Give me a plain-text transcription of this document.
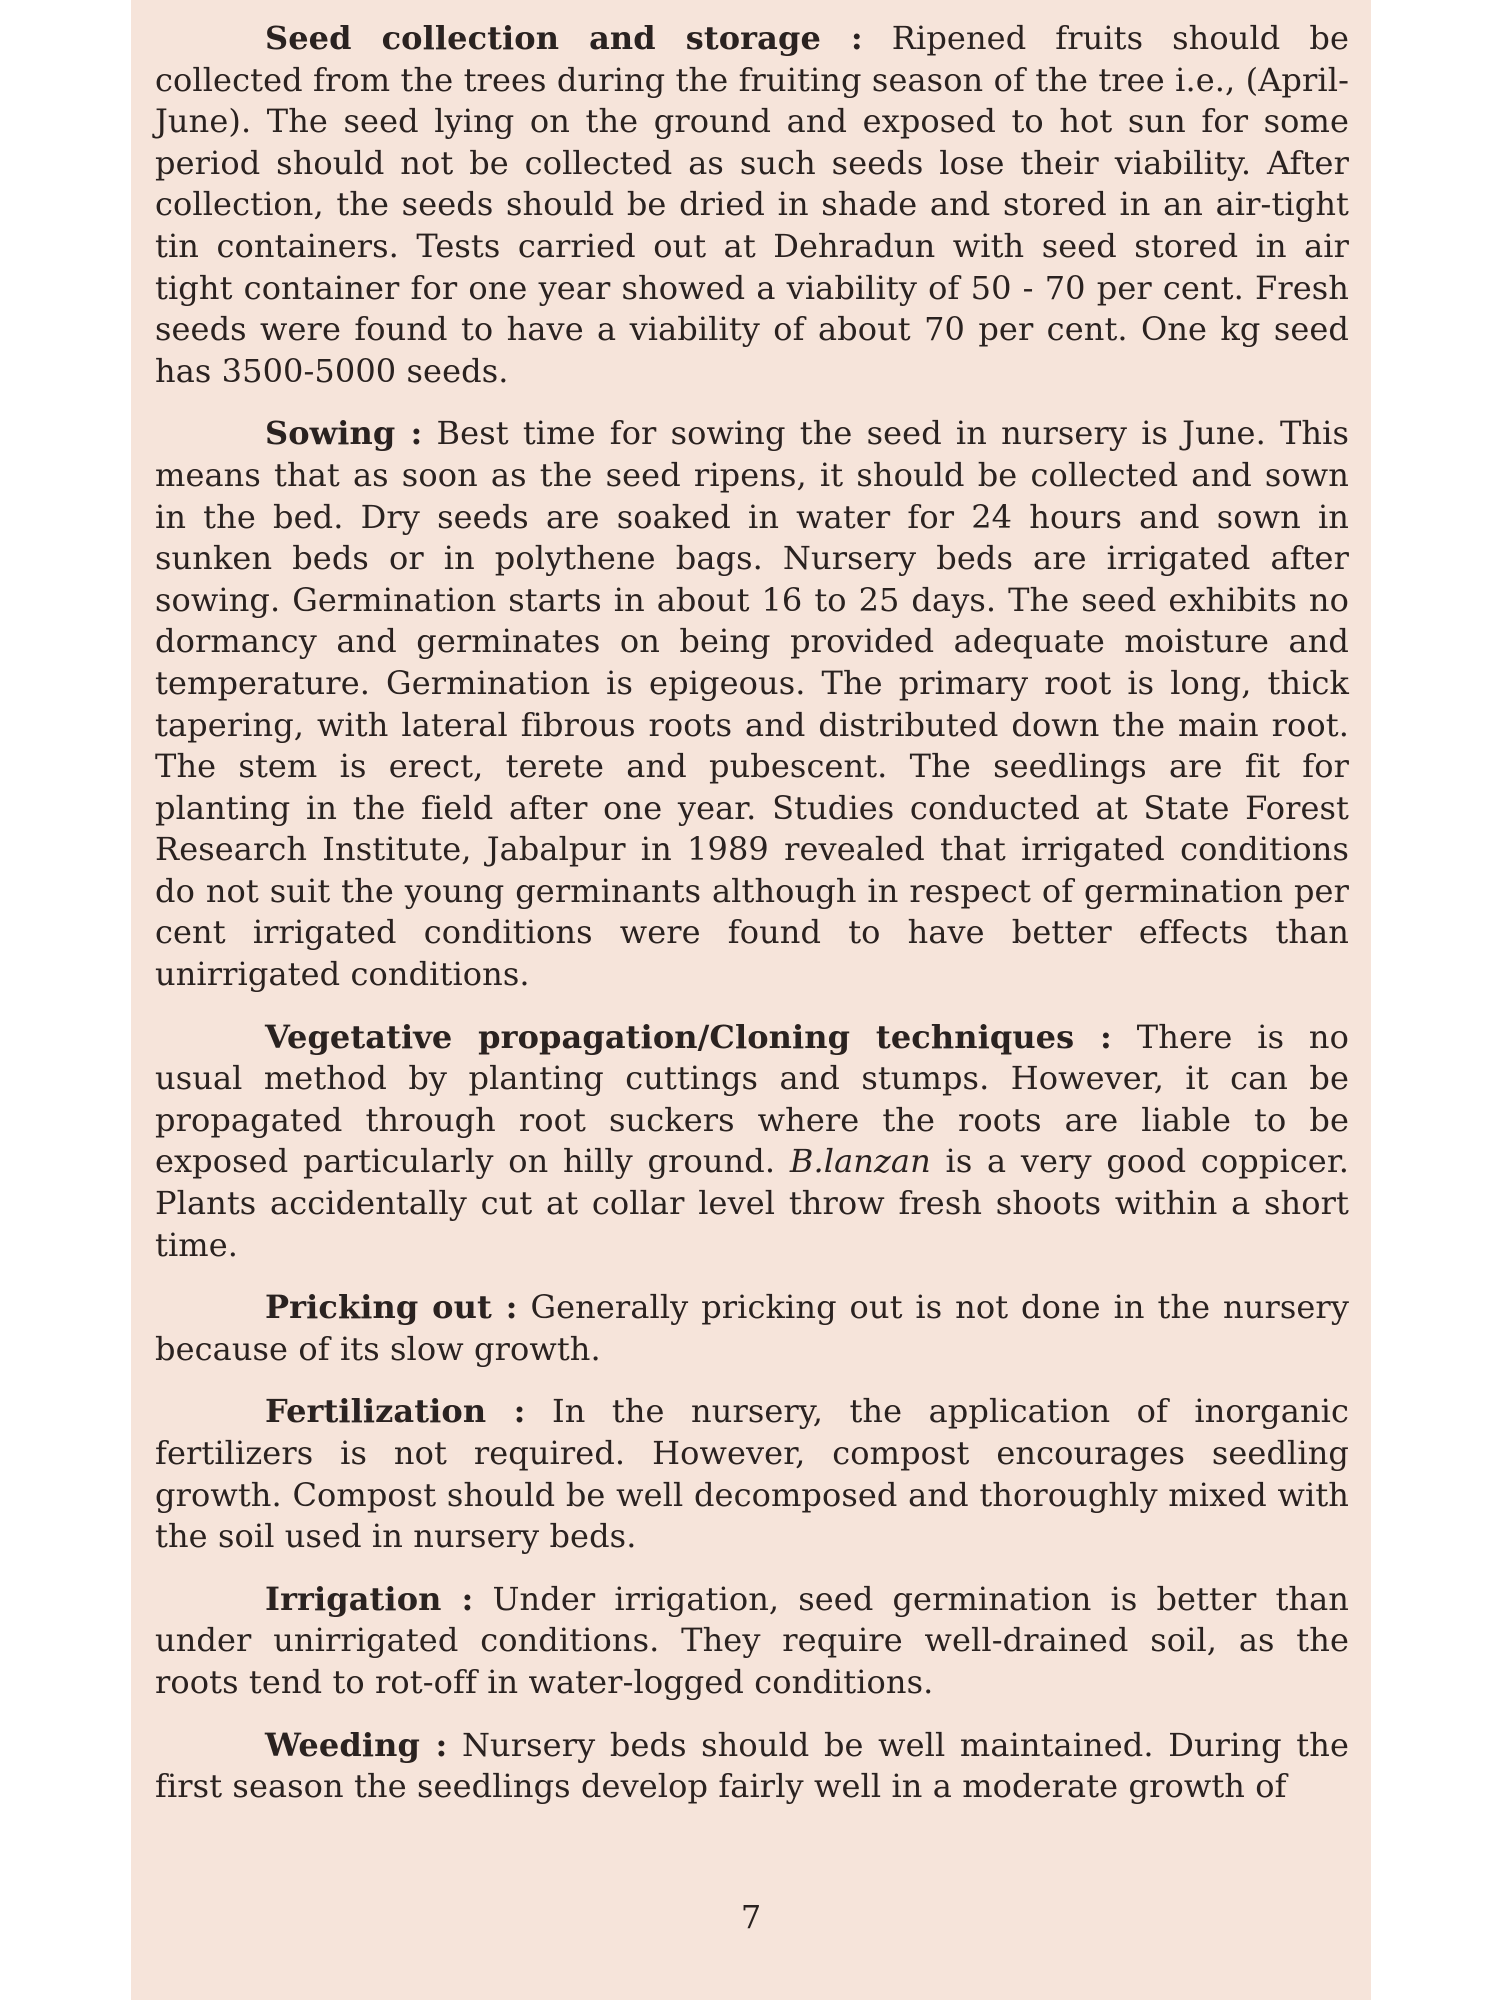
Seed collection and storage : Ripened fruits should be collected from the trees during the fruiting season of the tree i.e., (April-June). The seed lying on the ground and exposed to hot sun for some period should not be collected as such seeds lose their viability. After collection, the seeds should be dried in shade and stored in an air-tight tin containers. Tests carried out at Dehradun with seed stored in air tight container for one year showed a viability of 50 - 70 per cent. Fresh seeds were found to have a viability of about 70 per cent. One kg seed has 3500-5000 seeds.

Sowing : Best time for sowing the seed in nursery is June. This means that as soon as the seed ripens, it should be collected and sown in the bed. Dry seeds are soaked in water for 24 hours and sown in sunken beds or in polythene bags. Nursery beds are irrigated after sowing. Germination starts in about 16 to 25 days. The seed exhibits no dormancy and germinates on being provided adequate moisture and temperature. Germination is epigeous. The primary root is long, thick tapering, with lateral fibrous roots and distributed down the main root. The stem is erect, terete and pubescent. The seedlings are fit for planting in the field after one year. Studies conducted at State Forest Research Institute, Jabalpur in 1989 revealed that irrigated conditions do not suit the young germinants although in respect of germination per cent irrigated conditions were found to have better effects than unirrigated conditions.

Vegetative propagation/Cloning techniques : There is no usual method by planting cuttings and stumps. However, it can be propagated through root suckers where the roots are liable to be exposed particularly on hilly ground. B.lanzan is a very good coppicer. Plants accidentally cut at collar level throw fresh shoots within a short time.

Pricking out : Generally pricking out is not done in the nursery because of its slow growth.

Fertilization : In the nursery, the application of inorganic fertilizers is not required. However, compost encourages seedling growth. Compost should be well decomposed and thoroughly mixed with the soil used in nursery beds.

Irrigation : Under irrigation, seed germination is better than under unirrigated conditions. They require well-drained soil, as the roots tend to rot-off in water-logged conditions.

Weeding : Nursery beds should be well maintained. During the first season the seedlings develop fairly well in a moderate growth of

7
